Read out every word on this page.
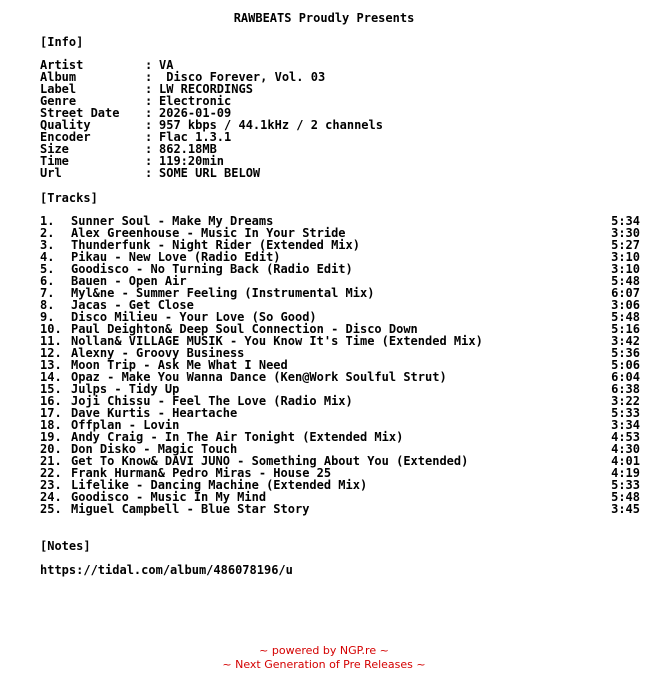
RAWBEATS Proudly Presents
[Info]
Artist	: VA
Album	: Disco Forever, Vol. 03
Label	: LW RECORDINGS
Genre	: Electronic
Street Date : 2026-01-09
Quality	: 957 kbps / 44.1kHz / 2 channels
Encoder	: Flac 1.3.1
Size	: 862.18MB
Time	: 119:20min
Url	: SOME URL BELOW
[Tracks]
1. Sunner Soul - Make My Dreams	5:34
2. Alex Greenhouse - Music In Your Stride	3:30
3. Thunderfunk - Night Rider (Extended Mix)	5:27
4. Pikau - New Love (Radio Edit)	3:10
5. Goodisco - No Turning Back (Radio Edit)	3:10
6. Bauen - Open Air	5:48
7. Myl&ne - Summer Feeling (Instrumental Mix)	6:07
8. Jacas - Get Close	3:06
9. Disco Milieu - Your Love (So Good)	5:48
10. Paul Deighton& Deep Soul Connection - Disco Down	5:16
11. Nollan& VILLAGE MUSIK - You Know It's Time (Extended Mix)	3:42
12. Alexny - Groovy Business	5:36
13. Moon Trip - Ask Me What I Need	5:06
14. Opaz - Make You Wanna Dance (Ken@Work Soulful Strut)	6:04
15. Julps - Tidy Up	6:38
16. Joji Chissu - Feel The Love (Radio Mix)	3:22
17. Dave Kurtis - Heartache	5:33
18. Offplan - Lovin	3:34
19. Andy Craig - In The Air Tonight (Extended Mix)	4:53
20. Don Disko - Magic Touch	4:30
21. Get To Know& DAVI JUNO - Something About You (Extended)	4:01
22. Frank Hurman& Pedro Miras - House 25	4:19
23. Lifelike - Dancing Machine (Extended Mix)	5:33
24. Goodisco - Music In My Mind	5:48
25. Miguel Campbell - Blue Star Story	3:45
[Notes]
https://tidal.com/album/486078196/u
~ powered by NGP.re ~
~ Next Generation of Pre Releases ~
